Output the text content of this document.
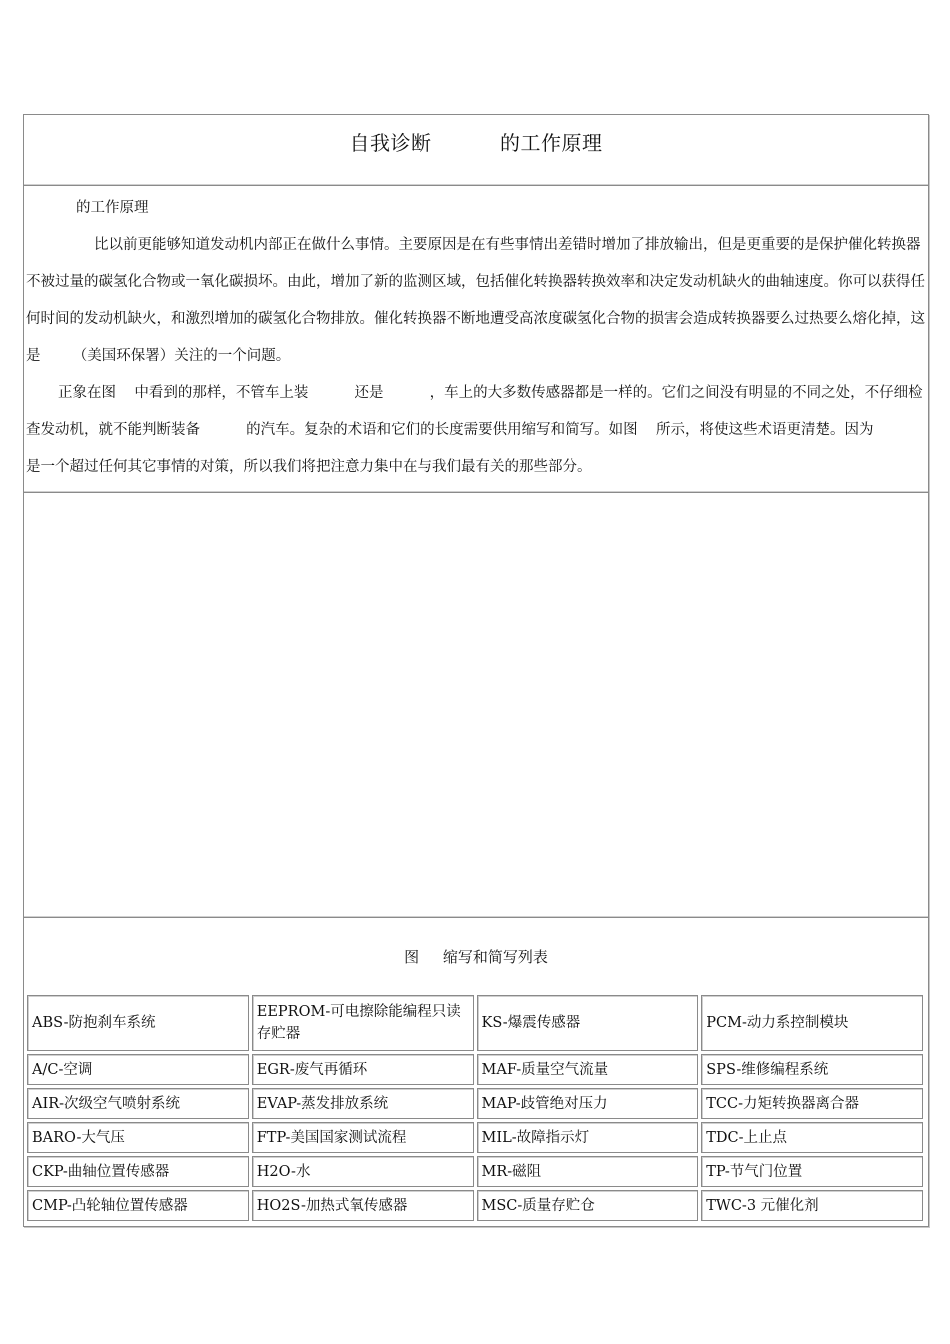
自我诊断          的工作原理
的工作原理

比以前更能够知道发动机内部正在做什么事情。主要原因是在有些事情出差错时增加了排放输出，但是更重要的是保护催化转换器不被过量的碳氢化合物或一氧化碳损坏。由此，增加了新的监测区域，包括催化转换器转换效率和决定发动机缺火的曲轴速度。你可以获得任何时间的发动机缺火，和激烈增加的碳氢化合物排放。催化转换器不断地遭受高浓度碳氢化合物的损害会造成转换器要么过热要么熔化掉，这是       （美国环保署）关注的一个问题。

正象在图    中看到的那样，不管车上装          还是          ，车上的大多数传感器都是一样的。它们之间没有明显的不同之处，不仔细检查发动机，就不能判断装备          的汽车。复杂的术语和它们的长度需要供用缩写和简写。如图    所示，将使这些术语更清楚。因为          是一个超过任何其它事情的对策，所以我们将把注意力集中在与我们最有关的那些部分。

图     缩写和简写列表
ABS-防抱刹车系统	EEPROM-可电擦除能编程只读存贮器	KS-爆震传感器	PCM-动力系控制模块
A/C-空调	EGR-废气再循环	MAF-质量空气流量	SPS-维修编程系统
AIR-次级空气喷射系统	EVAP-蒸发排放系统	MAP-歧管绝对压力	TCC-力矩转换器离合器
BARO-大气压	FTP-美国国家测试流程	MIL-故障指示灯	TDC-上止点
CKP-曲轴位置传感器	H2O-水	MR-磁阻	TP-节气门位置
CMP-凸轮轴位置传感器	HO2S-加热式氧传感器	MSC-质量存贮仓	TWC-3 元催化剂
